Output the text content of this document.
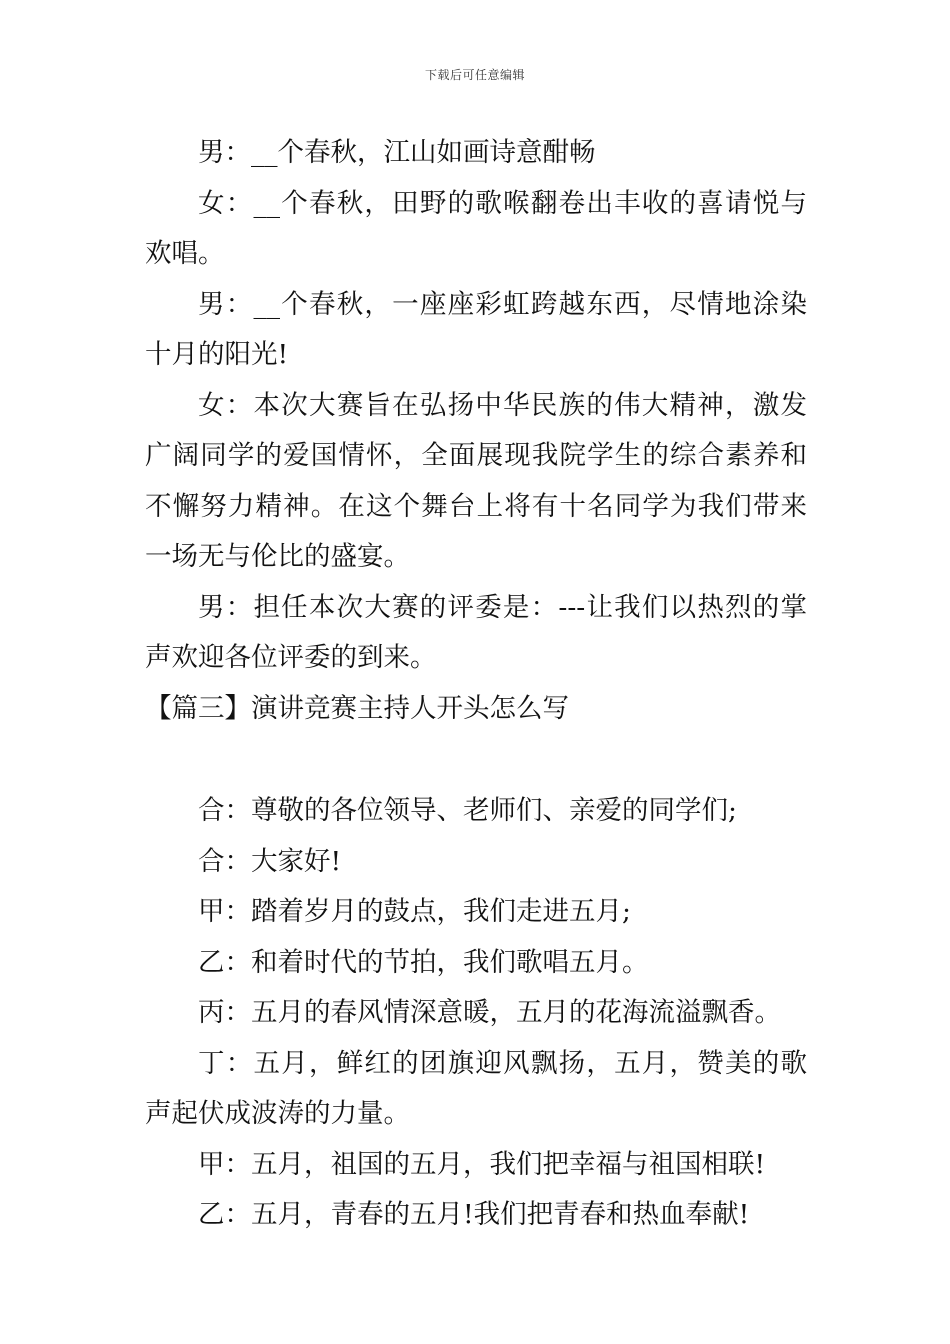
下载后可任意编辑

男：__个春秋，江山如画诗意酣畅

女：__个春秋，田野的歌喉翻卷出丰收的喜请悦与欢唱。

男：__个春秋，一座座彩虹跨越东西，尽情地涂染十月的阳光!

女：本次大赛旨在弘扬中华民族的伟大精神，激发广阔同学的爱国情怀，全面展现我院学生的综合素养和不懈努力精神。在这个舞台上将有十名同学为我们带来一场无与伦比的盛宴。

男：担任本次大赛的评委是：---让我们以热烈的掌声欢迎各位评委的到来。

【篇三】演讲竞赛主持人开头怎么写

合：尊敬的各位领导、老师们、亲爱的同学们;

合：大家好!

甲：踏着岁月的鼓点，我们走进五月;

乙：和着时代的节拍，我们歌唱五月。

丙：五月的春风情深意暖，五月的花海流溢飘香。

丁：五月，鲜红的团旗迎风飘扬，五月，赞美的歌声起伏成波涛的力量。

甲：五月，祖国的五月，我们把幸福与祖国相联!

乙：五月，青春的五月!我们把青春和热血奉献!
